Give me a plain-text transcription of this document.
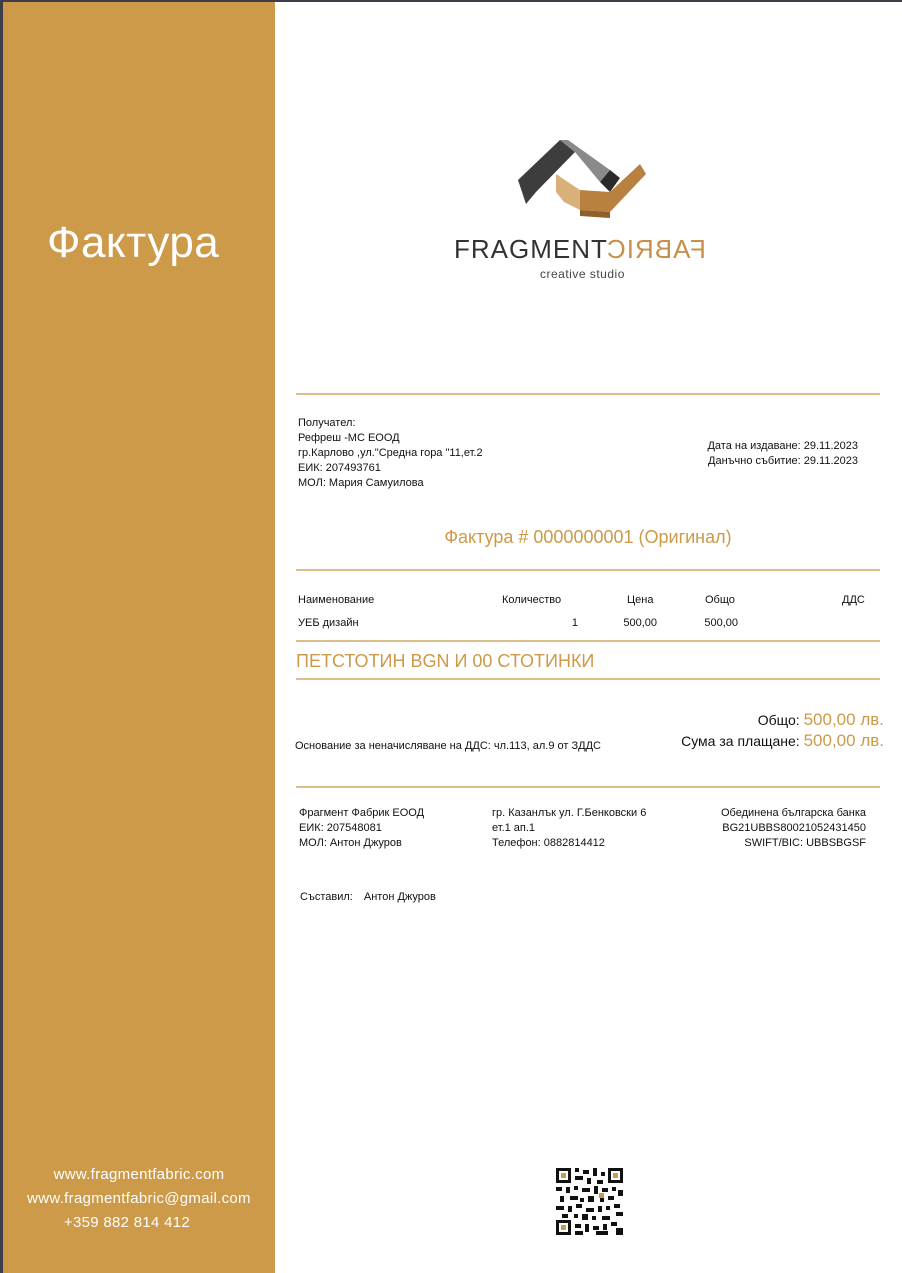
Фактура
www.fragmentfabric.com
www.fragmentfabric@gmail.com
+359 882 814 412
FRAGMENT
FABRIC
creative studio
Получател:
Рефреш -МС ЕООД
гр.Карлово ,ул."Средна гора "11,ет.2
ЕИК: 207493761
МОЛ: Мария Самуилова
Дата на издаване: 29.11.2023
Данъчно събитие: 29.11.2023
Фактура # 0000000001 (Оригинал)
Наименование	Количество	Цена	Общо	ДДС
УЕБ дизайн	1	500,00	500,00
ПЕТСТОТИН BGN И 00 СТОТИНКИ
Общо: 500,00 лв.
Сума за плащане: 500,00 лв.
Основание за неначисляване на ДДС: чл.113, ал.9 от ЗДДС
Фрагмент Фабрик ЕООД
ЕИК: 207548081
МОЛ: Антон Джуров
гр. Казанлък ул. Г.Бенковски 6
ет.1 ап.1
Телефон: 0882814412
Обединена българска банка
BG21UBBS80021052431450
SWIFT/BIC: UBBSBGSF
Съставил: Антон Джуров
